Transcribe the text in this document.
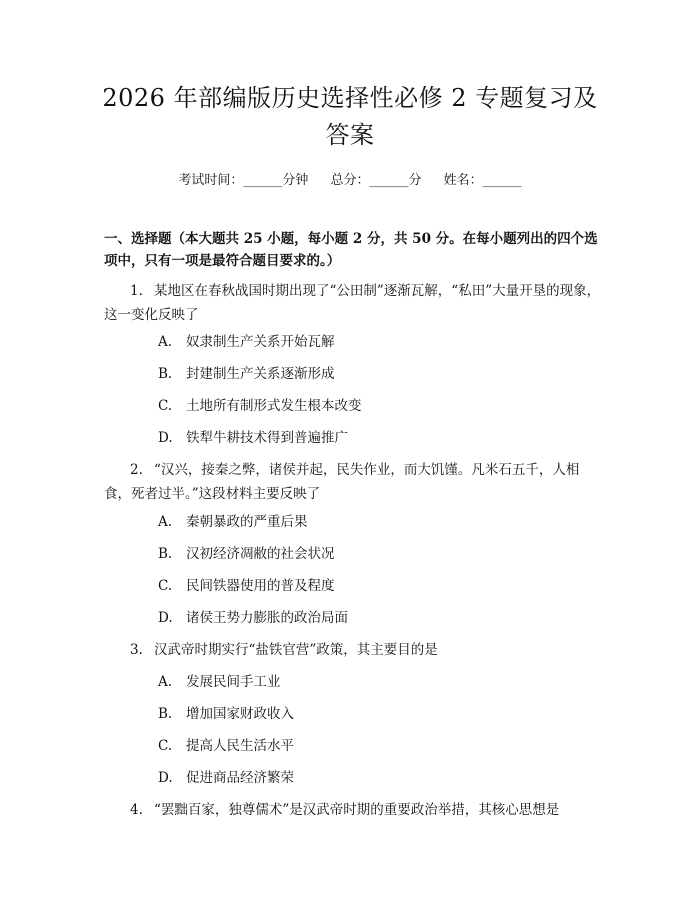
2026 年部编版历史选择性必修 2 专题复习及
答案
考试时间：______分钟 总分：______分 姓名：______
一、选择题（本大题共 25 小题，每小题 2 分，共 50 分。在每小题列出的四个选项中，只有一项是最符合题目要求的。）
1. 某地区在春秋战国时期出现了“公田制”逐渐瓦解，“私田”大量开垦的现象，这一变化反映了
A. 奴隶制生产关系开始瓦解
B. 封建制生产关系逐渐形成
C. 土地所有制形式发生根本改变
D. 铁犁牛耕技术得到普遍推广
2. “汉兴，接秦之弊，诸侯并起，民失作业，而大饥馑。凡米石五千，人相食，死者过半。”这段材料主要反映了
A. 秦朝暴政的严重后果
B. 汉初经济凋敝的社会状况
C. 民间铁器使用的普及程度
D. 诸侯王势力膨胀的政治局面
3. 汉武帝时期实行“盐铁官营”政策，其主要目的是
A. 发展民间手工业
B. 增加国家财政收入
C. 提高人民生活水平
D. 促进商品经济繁荣
4. “罢黜百家，独尊儒术”是汉武帝时期的重要政治举措，其核心思想是
